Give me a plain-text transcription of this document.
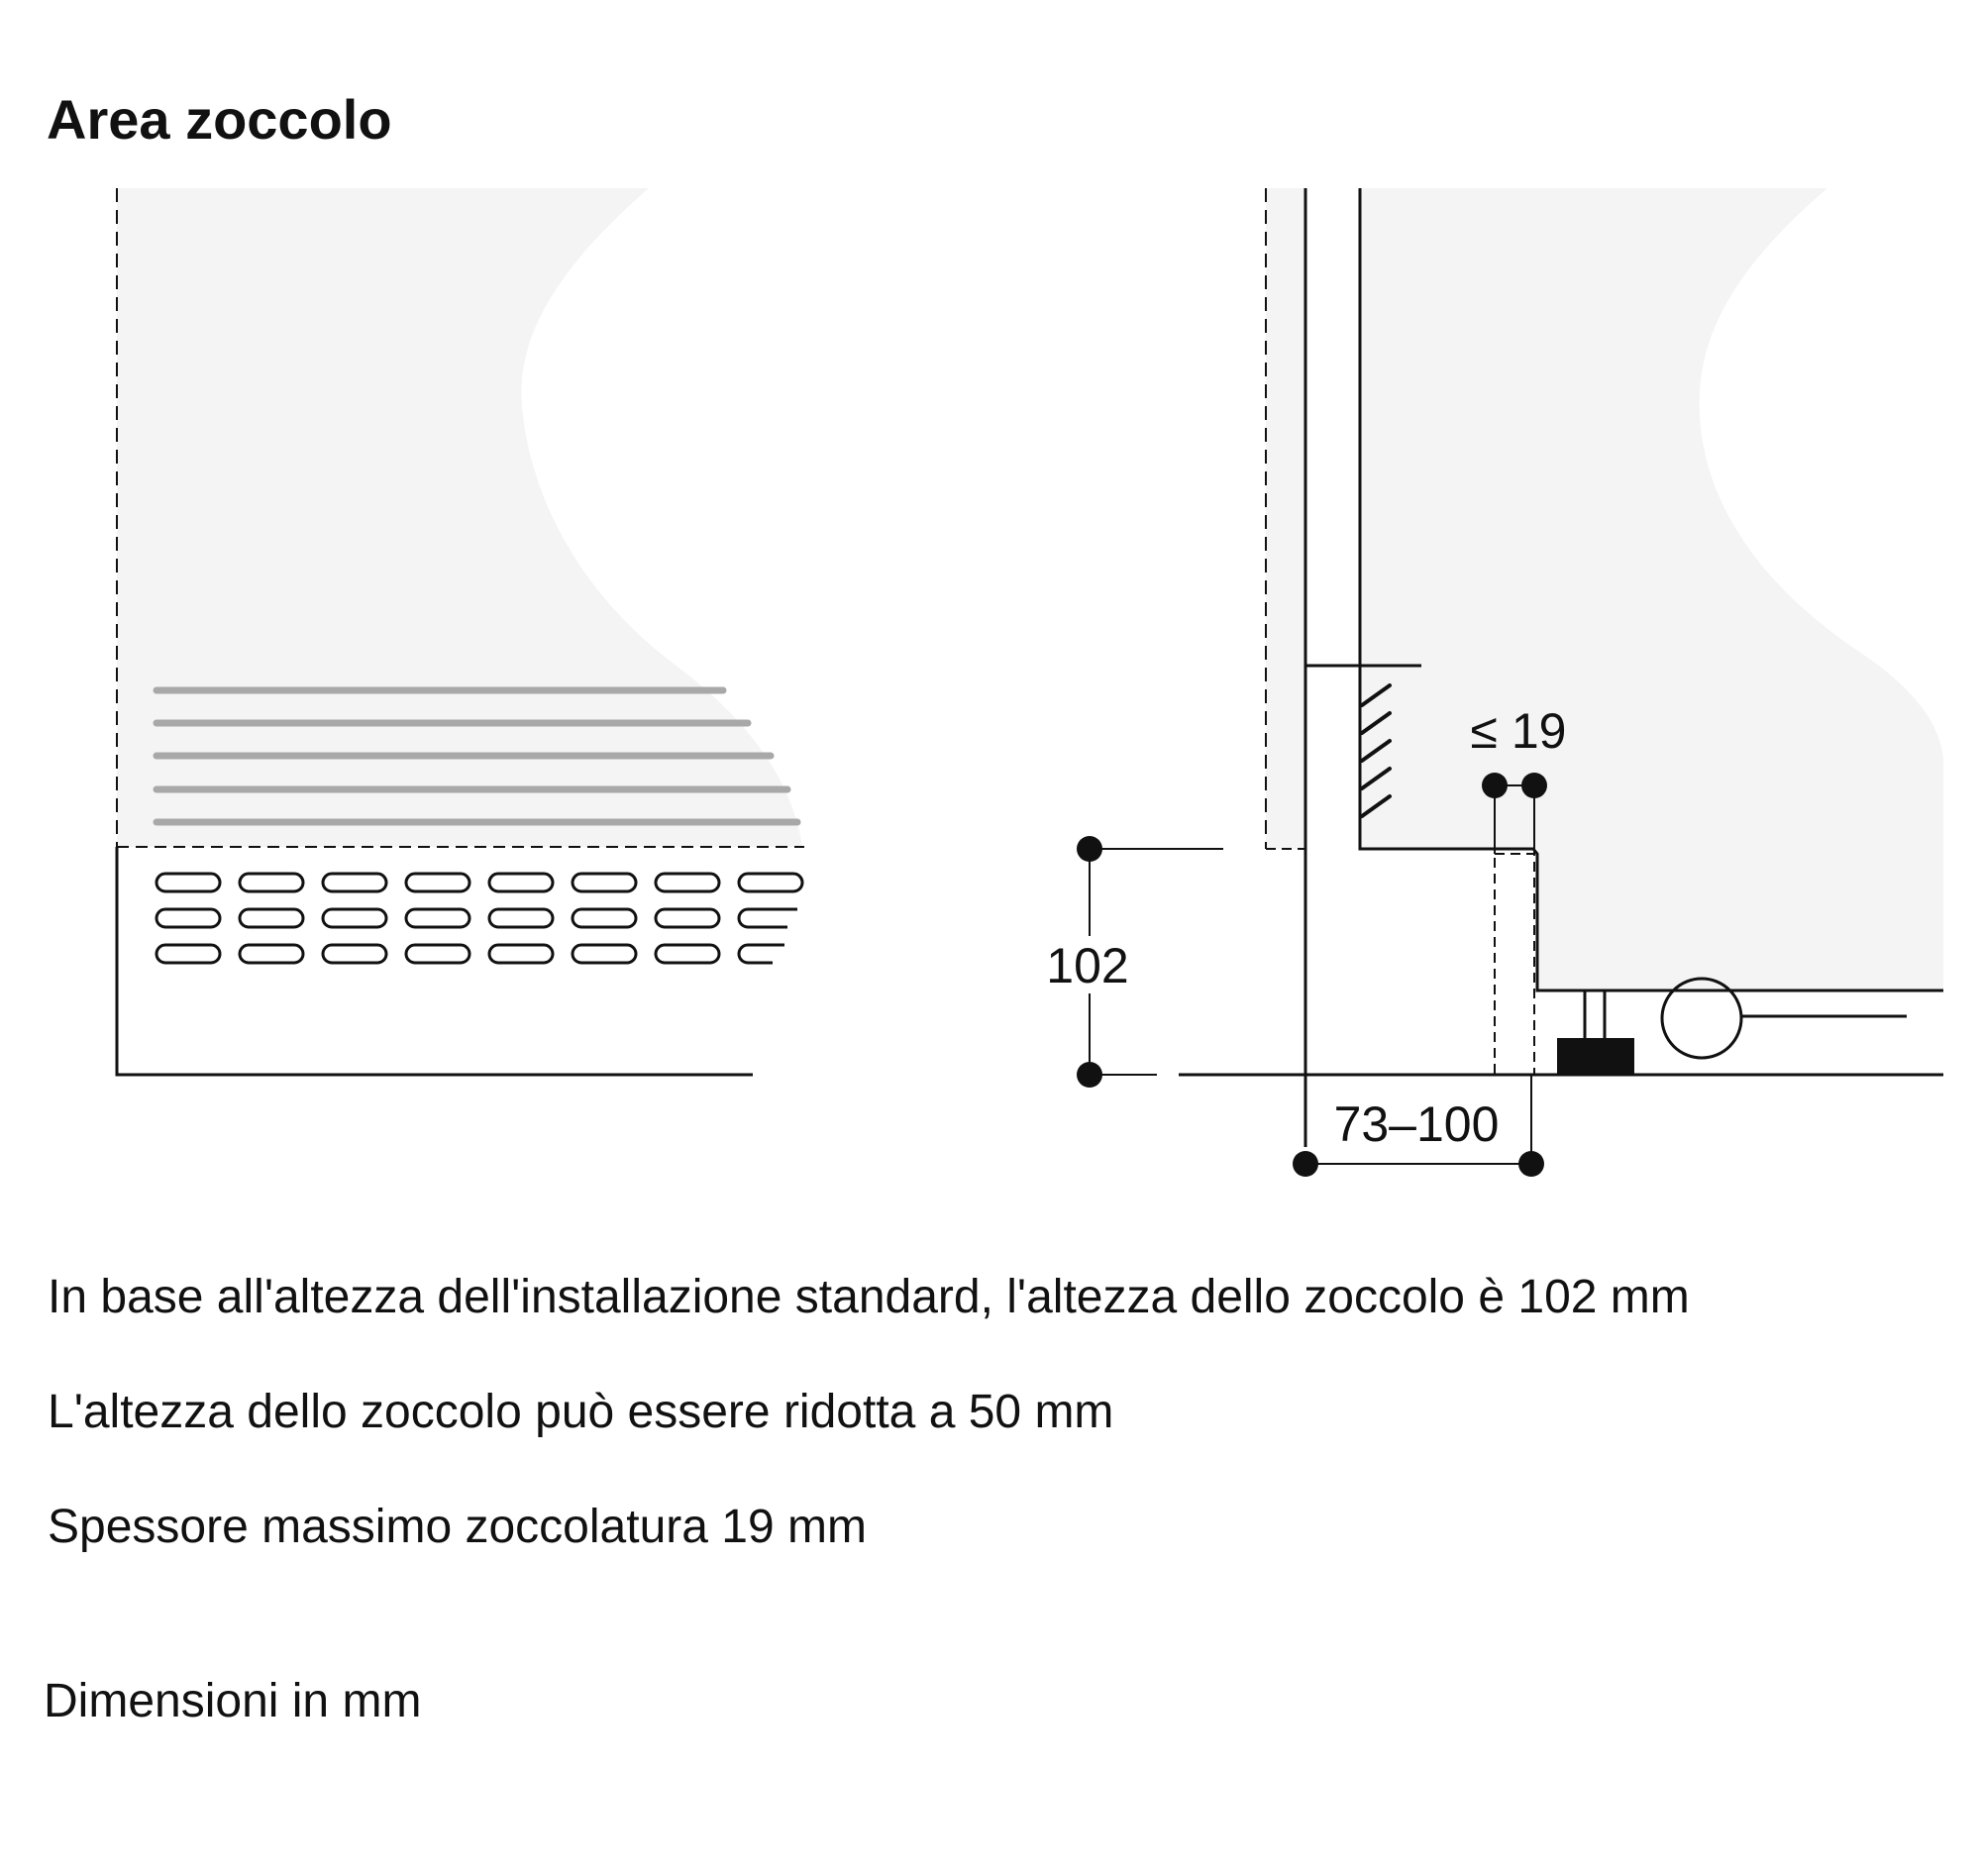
Area zoccolo
102
≤ 19
73–100

In base all'altezza dell'installazione standard, l'altezza dello zoccolo è 102 mm

L'altezza dello zoccolo può essere ridotta a 50 mm

Spessore massimo zoccolatura 19 mm

Dimensioni in mm
